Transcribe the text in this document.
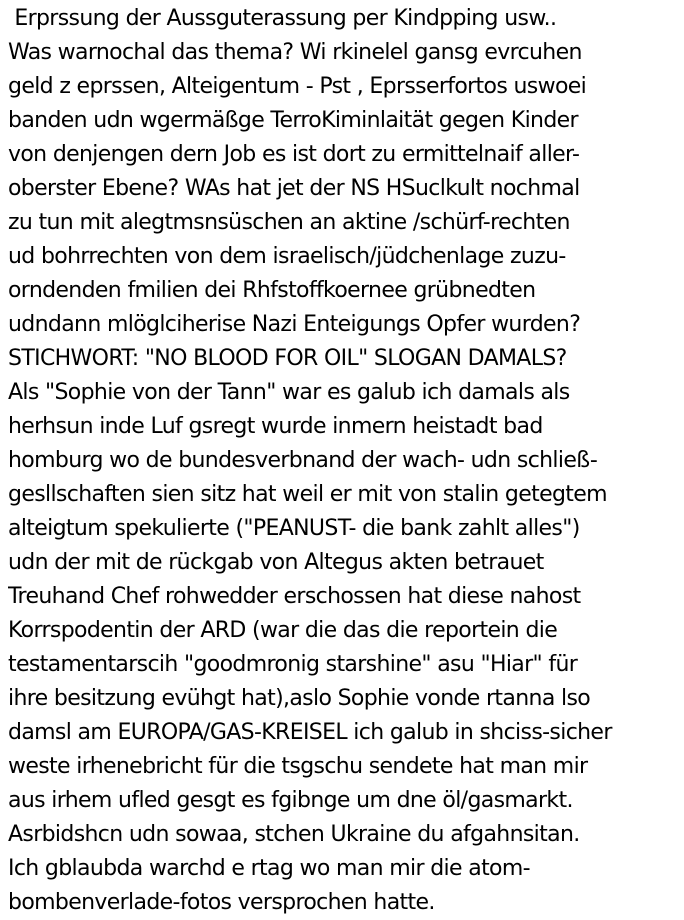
Erprssung der Aussguterassung per Kindpping usw..
Was warnochal das thema? Wi rkinelel gansg evrcuhen
geld z eprssen, Alteigentum - Pst , Eprsserfortos uswoei
banden udn wgermäßge TerroKiminlaität gegen Kinder
von denjengen dern Job es ist dort zu ermittelnaif aller-
oberster Ebene? WAs hat jet der NS HSuclkult nochmal
zu tun mit alegtmsnsüschen an aktine /schürf-rechten
ud bohrrechten von dem israelisch/jüdchenlage zuzu-
orndenden fmilien dei Rhfstoffkoernee grübnedten
udndann mlöglciherise Nazi Enteigungs Opfer wurden?
STICHWORT: "NO BLOOD FOR OIL" SLOGAN DAMALS?
Als "Sophie von der Tann" war es galub ich damals als
herhsun inde Luf gsregt wurde inmern heistadt bad
homburg wo de bundesverbnand der wach- udn schließ-
gesllschaften sien sitz hat weil er mit von stalin getegtem
alteigtum spekulierte ("PEANUST- die bank zahlt alles")
udn der mit de rückgab von Altegus akten betrauet
Treuhand Chef rohwedder erschossen hat diese nahost
Korrspodentin der ARD (war die das die reportein die
testamentarscih "goodmronig starshine" asu "Hiar" für
ihre besitzung evühgt hat),aslo Sophie vonde rtanna lso
damsl am EUROPA/GAS-KREISEL ich galub in shciss-sicher
weste irhenebricht für die tsgschu sendete hat man mir
aus irhem ufled gesgt es fgibnge um dne öl/gasmarkt.
Asrbidshcn udn sowaa, stchen Ukraine du afgahnsitan.
Ich gblaubda warchd e rtag wo man mir die atom-
bombenverlade-fotos versprochen hatte.
